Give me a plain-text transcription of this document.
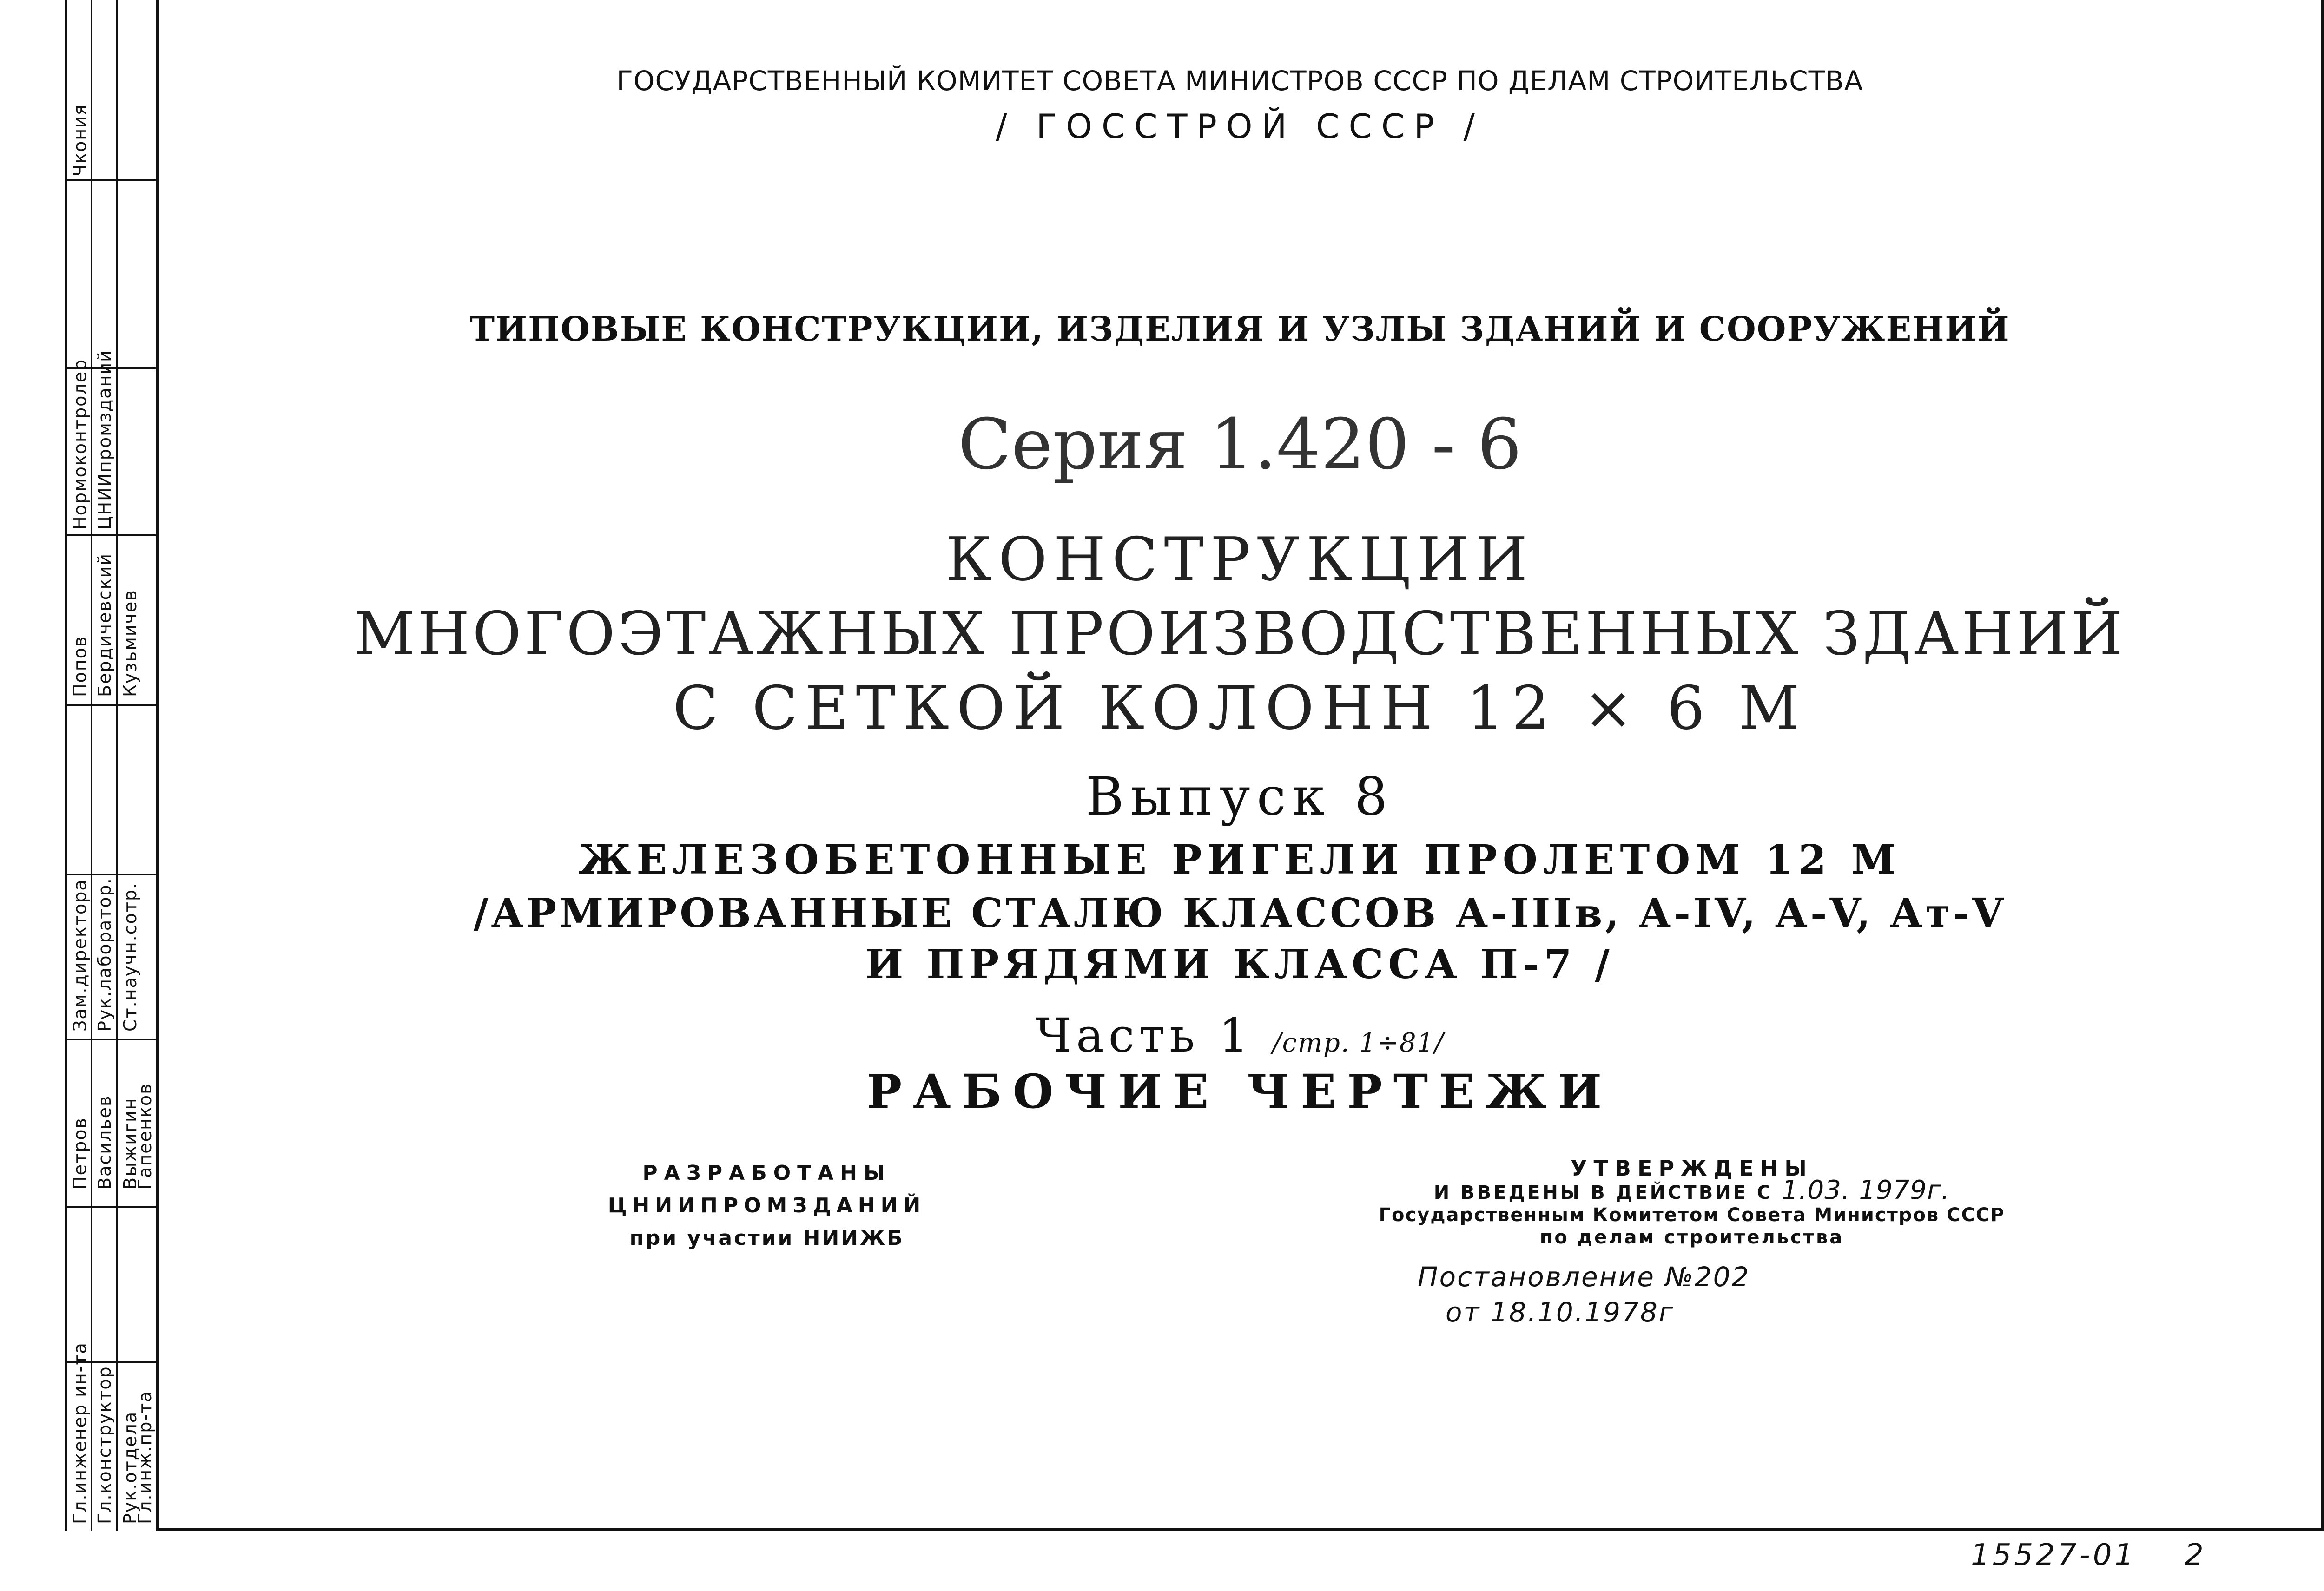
Гл.инженер ин-та Гл.конструктор Рук.отдела
Гл.инж.пр-та
Петров Васильев Выжигин
Гапеенков
Зам.директора Рук.лаборатор. Ст.научн.сотр.
Попов Бердичевский Кузьмичев
Нормоконтролер ЦНИИпромзданий
Чкония
ГОСУДАРСТВЕННЫЙ КОМИТЕТ СОВЕТА МИНИСТРОВ СССР ПО ДЕЛАМ СТРОИТЕЛЬСТВА
/ ГОССТРОЙ СССР /
ТИПОВЫЕ КОНСТРУКЦИИ, ИЗДЕЛИЯ И УЗЛЫ ЗДАНИЙ И СООРУЖЕНИЙ
Серия 1.420 - 6
КОНСТРУКЦИИ
МНОГОЭТАЖНЫХ ПРОИЗВОДСТВЕННЫХ ЗДАНИЙ
С СЕТКОЙ КОЛОНН 12 × 6 М
Выпуск 8
ЖЕЛЕЗОБЕТОННЫЕ РИГЕЛИ ПРОЛЕТОМ 12 М
/АРМИРОВАННЫЕ СТАЛЮ КЛАССОВ А-IIIв, А-IV, А-V, Ат-V
И ПРЯДЯМИ КЛАССА П-7 /
Часть 1 /стр. 1÷81/
РАБОЧИЕ ЧЕРТЕЖИ
РАЗРАБОТАНЫ
ЦНИИПРОМЗДАНИЙ
при участии НИИЖБ
УТВЕРЖДЕНЫ
И ВВЕДЕНЫ В ДЕЙСТВИЕ С 1.03. 1979г.
Государственным Комитетом Совета Министров СССР
по делам строительства
Постановление №202
от 18.10.1978г
15527-01 2
